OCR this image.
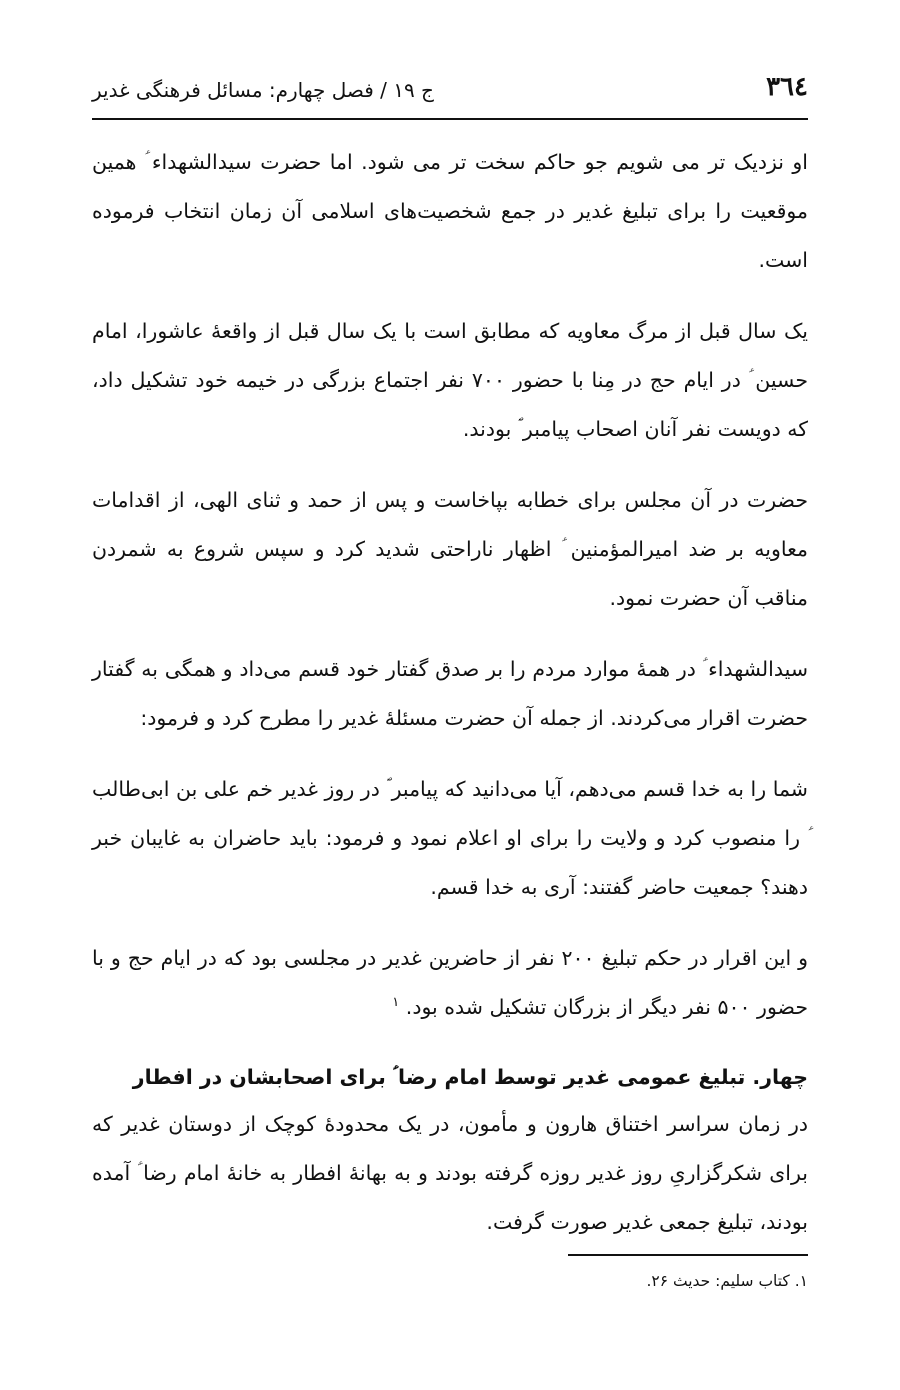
٣٦٤
ج ۱۹ / فصل چهارم: مسائل فرهنگی غدیر

او نزدیک تر می شویم جو حاکم سخت تر می شود. اما حضرت سیدالشهداء ؑ همین موقعیت را برای تبلیغ غدیر در جمع شخصیت‌های اسلامی آن زمان انتخاب فرموده است.

یک سال قبل از مرگ معاویه که مطابق است با یک سال قبل از واقعهٔ عاشورا، امام حسین ؑ در ایام حج در مِنا با حضور ۷۰۰ نفر اجتماع بزرگی در خیمه خود تشکیل داد، که دویست نفر آنان اصحاب پیامبر ؐ بودند.

حضرت در آن مجلس برای خطابه بپاخاست و پس از حمد و ثنای الهی، از اقدامات معاویه بر ضد امیرالمؤمنین ؑ اظهار ناراحتی شدید کرد و سپس شروع به شمردن مناقب آن حضرت نمود.

سیدالشهداء ؑ در همهٔ موارد مردم را بر صدق گفتار خود قسم می‌داد و همگی به گفتار حضرت اقرار می‌کردند. از جمله آن حضرت مسئلهٔ غدیر را مطرح کرد و فرمود:

شما را به خدا قسم می‌دهم، آیا می‌دانید که پیامبر ؐ در روز غدیر خم علی بن ابی‌طالب ؑ را منصوب کرد و ولایت را برای او اعلام نمود و فرمود: باید حاضران به غایبان خبر دهند؟ جمعیت حاضر گفتند: آری به خدا قسم.

و این اقرار در حکم تبلیغ ۲۰۰ نفر از حاضرین غدیر در مجلسی بود که در ایام حج و با حضور ۵۰۰ نفر دیگر از بزرگان تشکیل شده بود. $^۱$

چهار. تبلیغ عمومی غدیر توسط امام رضا ؑ برای اصحابشان در افطار

در زمان سراسر اختناق هارون و مأمون، در یک محدودهٔ کوچک از دوستان غدیر که برای شکرگزاریِ روز غدیر روزه گرفته بودند و به بهانهٔ افطار به خانهٔ امام رضا ؑ آمده بودند، تبلیغ جمعی غدیر صورت گرفت.

۱. کتاب سلیم: حدیث ۲۶.
